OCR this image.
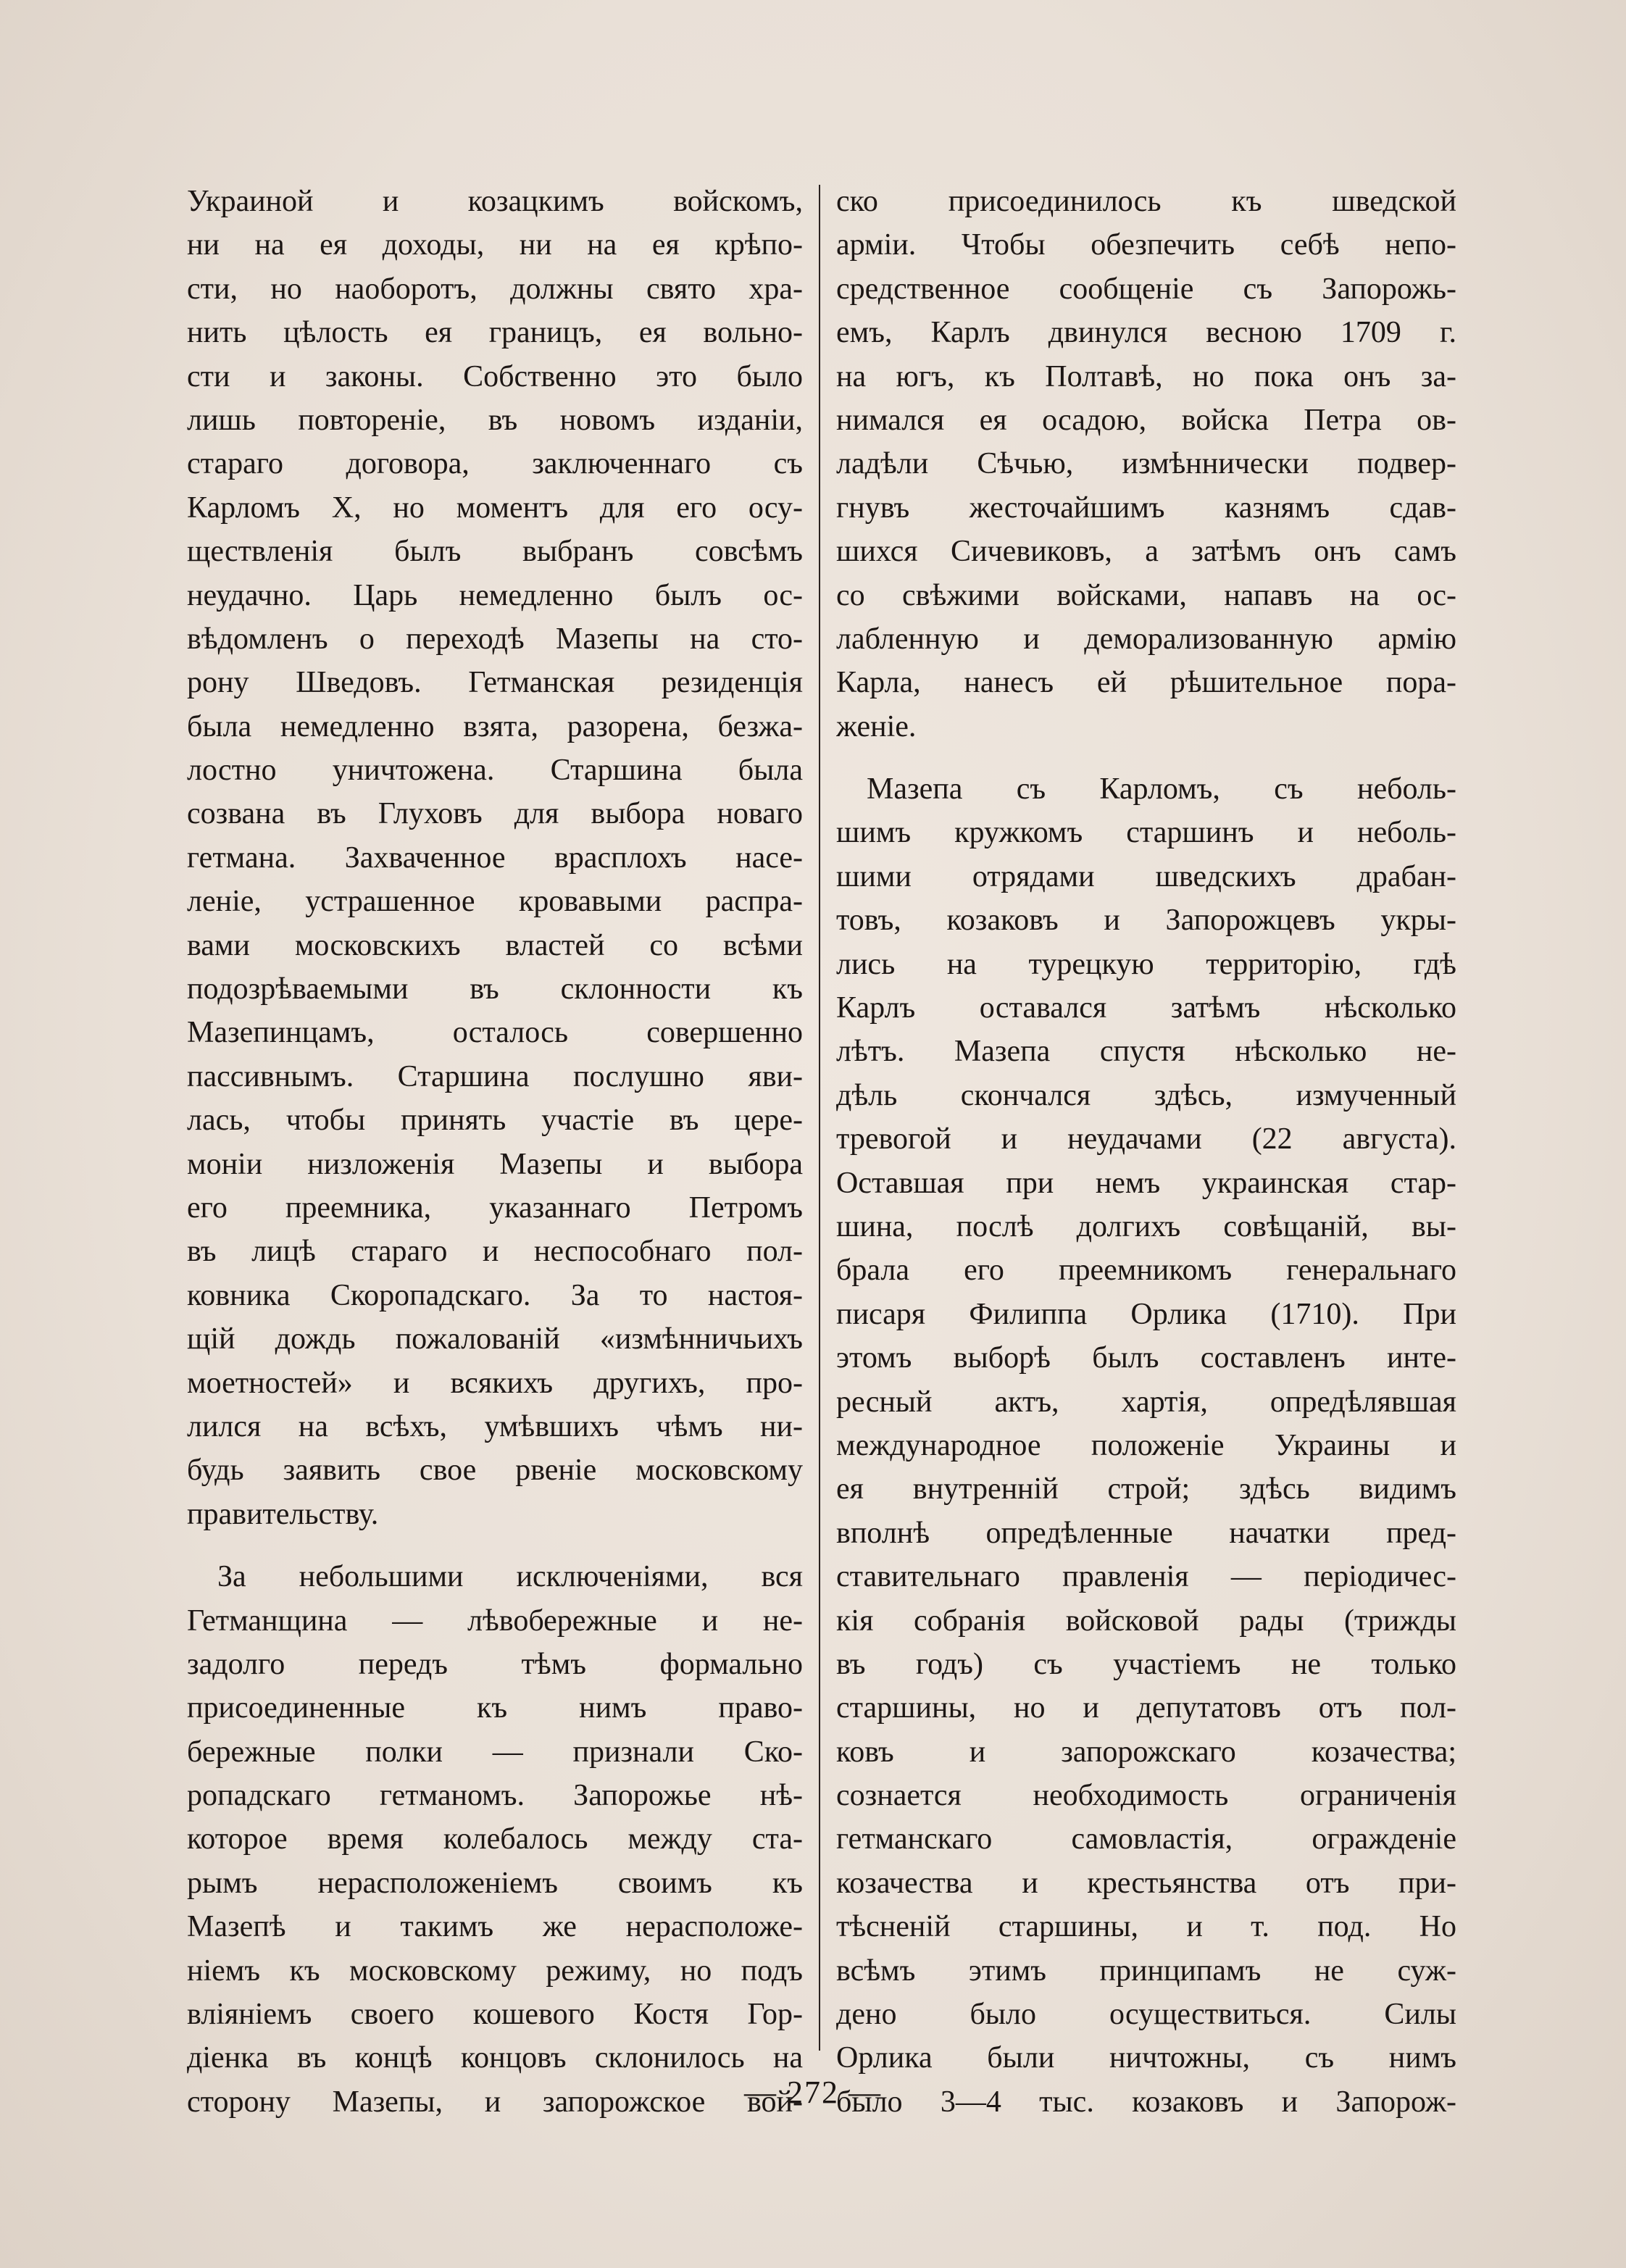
Украиной и козацкимъ войскомъ,
ни на ея доходы, ни на ея крѣпо-
сти, но наоборотъ, должны свято хра-
нить цѣлость ея границъ, ея вольно-
сти и законы. Собственно это было
лишь повторенie, въ новомъ изданiи,
стараго договора, заключеннаго съ
Карломъ X, но моментъ для его осу-
ществленiя былъ выбранъ совсѣмъ
неудачно. Царь немедленно былъ ос-
вѣдомленъ о переходѣ Мазепы на сто-
рону Шведовъ. Гетманская резиденцiя
была немедленно взята, разорена, безжа-
лостно уничтожена. Старшина была
созвана въ Глуховъ для выбора новаго
гетмана. Захваченное врасплохъ насе-
ленie, устрашенное кровавыми распра-
вами московскихъ властей со всѣми
подозрѣваемыми въ склонности къ
Мазепинцамъ, осталось совершенно
пассивнымъ. Старшина послушно яви-
лась, чтобы принять участie въ цере-
монiи низложенiя Мазепы и выбора
его преемника, указаннаго Петромъ
въ лицѣ стараго и неспособнаго пол-
ковника Скоропадскаго. За то настоя-
щiй дождь пожалованiй «измѣнничьихъ
моетностей» и всякихъ другихъ, про-
лился на всѣхъ, умѣвшихъ чѣмъ ни-
будь заявить свое рвенie московскому
правительству.
За небольшими исключенiями, вся
Гетманщина — лѣвобережные и не-
задолго передъ тѣмъ формально
присоединенные къ нимъ право-
бережные полки — признали Ско-
ропадскаго гетманомъ. Запорожье нѣ-
которое время колебалось между ста-
рымъ нерасположенiемъ своимъ къ
Мазепѣ и такимъ же нерасположе-
нiемъ къ московскому режиму, но подъ
влiянiемъ своего кошевого Костя Гор-
дiенка въ концѣ концовъ склонилось на
сторону Мазепы, и запорожское вой-
ско присоединилось къ шведской
армiи. Чтобы обезпечить себѣ непо-
средственное сообщенie съ Запорожь-
емъ, Карлъ двинулся весною 1709 г.
на югъ, къ Полтавѣ, но пока онъ за-
нимался ея осадою, войска Петра ов-
ладѣли Сѣчью, измѣннически подвер-
гнувъ жесточайшимъ казнямъ сдав-
шихся Сичевиковъ, а затѣмъ онъ самъ
со свѣжими войсками, напавъ на ос-
лабленную и деморализованную армiю
Карла, нанесъ ей рѣшительное пора-
женie.
Мазепа съ Карломъ, съ неболь-
шимъ кружкомъ старшинъ и неболь-
шими отрядами шведскихъ драбан-
товъ, козаковъ и Запорожцевъ укры-
лись на турецкую территорiю, гдѣ
Карлъ оставался затѣмъ нѣсколько
лѣтъ. Мазепа спустя нѣсколько не-
дѣль скончался здѣсь, измученный
тревогой и неудачами (22 августа).
Оставшая при немъ украинская стар-
шина, послѣ долгихъ совѣщанiй, вы-
брала его преемникомъ генеральнаго
писаря Филиппа Орлика (1710). При
этомъ выборѣ былъ составленъ инте-
ресный актъ, хартiя, опредѣлявшая
международное положенie Украины и
ея внутреннiй строй; здѣсь видимъ
вполнѣ опредѣленные начатки пред-
ставительнаго правленiя — перiодичес-
кiя собранiя войсковой рады (трижды
въ годъ) съ участiемъ не только
старшины, но и депутатовъ отъ пол-
ковъ и запорожскаго козачества;
сознается необходимость ограниченiя
гетманскаго самовластiя, огражденie
козачества и крестьянства отъ при-
тѣсненiй старшины, и т. под. Но
всѣмъ этимъ принципамъ не суж-
дено было осуществиться. Силы
Орлика были ничтожны, съ нимъ
было 3—4 тыс. козаковъ и Запорож-
— 272 —
